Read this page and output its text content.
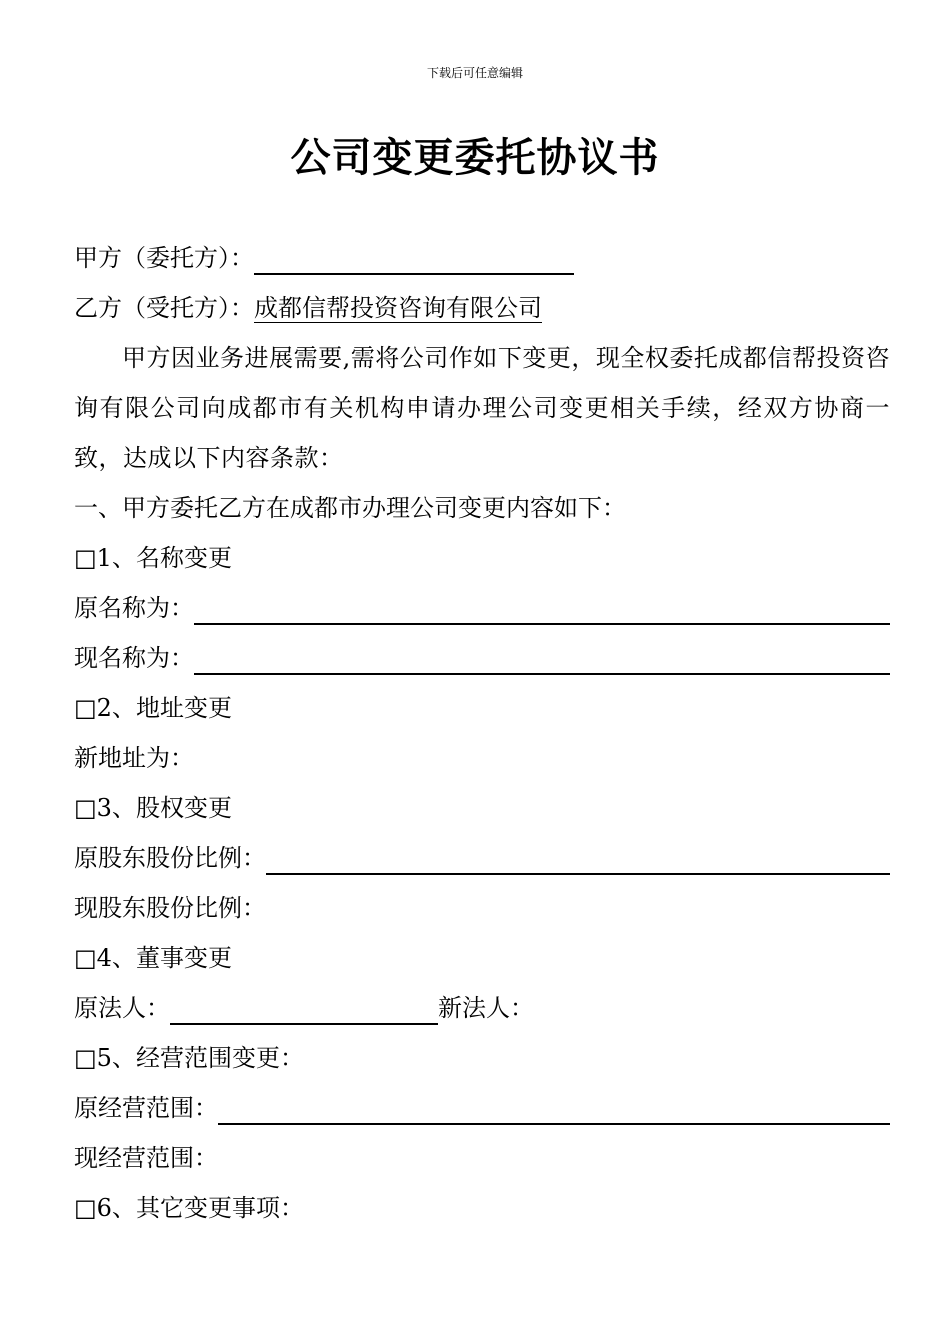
下载后可任意编辑
公司变更委托协议书
甲方（委托方）：
乙方（受托方）： 成都信帮投资咨询有限公司
甲方因业务进展需要,需将公司作如下变更，现全权委托成都信帮投资咨询有限公司向成都市有关机构申请办理公司变更相关手续，经双方协商一致，达成以下内容条款：
一、甲方委托乙方在成都市办理公司变更内容如下：
□1、名称变更
原名称为：
现名称为：
□2、地址变更
新地址为：
□3、股权变更
原股东股份比例：
现股东股份比例：
□4、董事变更
原法人：	新法人：
□5、经营范围变更：
原经营范围：
现经营范围：
□6、其它变更事项：
